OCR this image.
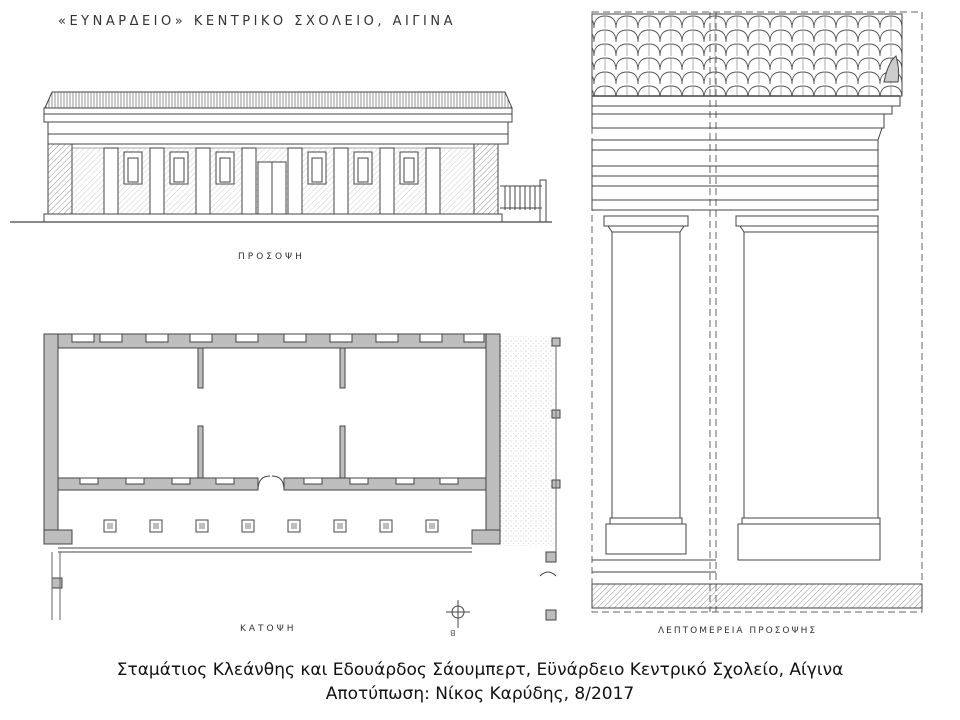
«ΕΥΝΑΡΔΕΙΟ» ΚΕΝΤΡΙΚΟ ΣΧΟΛΕΙΟ, ΑΙΓΙΝΑ
ΠΡΟΣΟΨΗ
ΚΑΤΟΨΗ	ΛΕΠΤΟΜΕΡΕΙΑ ΠΡΟΣΟΨΗΣ
B
Σταμάτιος Κλεάνθης και Εδουάρδος Σάουμπερτ, Εϋνάρδειο Κεντρικό Σχολείο, Αίγινα
Αποτύπωση: Νίκος Καρύδης, 8/2017
